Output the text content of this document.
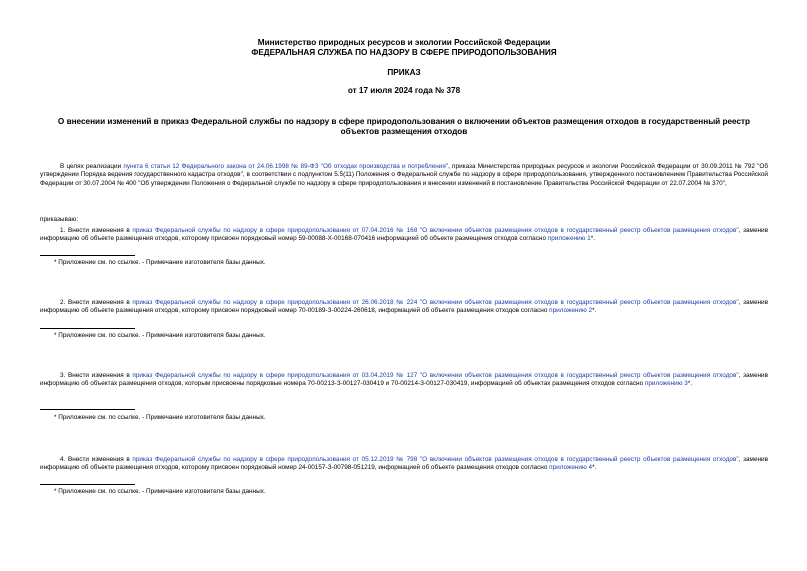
Министерство природных ресурсов и экологии Российской Федерации
ФЕДЕРАЛЬНАЯ СЛУЖБА ПО НАДЗОРУ В СФЕРЕ ПРИРОДОПОЛЬЗОВАНИЯ
ПРИКАЗ
от 17 июля 2024 года № 378
О внесении изменений в приказ Федеральной службы по надзору в сфере природопользования о включении объектов размещения отходов в государственный реестр объектов размещения отходов

В целях реализации пункта 6 статьи 12 Федерального закона от 24.06.1998 № 89-ФЗ "Об отходах производства и потребления", приказа Министерства природных ресурсов и экологии Российской Федерации от 30.09.2011 № 792 "Об утверждении Порядка ведения государственного кадастра отходов", в соответствии с подпунктом 5.5(11) Положения о Федеральной службе по надзору в сфере природопользования, утвержденного постановлением Правительства Российской Федерации от 30.07.2004 № 400 "Об утверждении Положения о Федеральной службе по надзору в сфере природопользования и внесении изменений в постановление Правительства Российской Федерации от 22.07.2004 № 370",

приказываю:

1. Внести изменения в приказ Федеральной службы по надзору в сфере природопользования от 07.04.2016 № 168 "О включении объектов размещения отходов в государственный реестр объектов размещения отходов", заменив информацию об объекте размещения отходов, которому присвоен порядковый номер 59-00088-Х-00168-070416 информацией об объекте размещения отходов согласно приложению 1*.

* Приложение см. по ссылке. - Примечание изготовителя базы данных.

2. Внести изменения в приказ Федеральной службы по надзору в сфере природопользования от 26.06.2018 № 224 "О включении объектов размещения отходов в государственный реестр объектов размещения отходов", заменив информацию об объекте размещения отходов, которому присвоен порядковый номер 70-00189-З-00224-260618, информацией об объекте размещения отходов согласно приложению 2*.

* Приложение см. по ссылке. - Примечание изготовителя базы данных.

3. Внести изменения в приказ Федеральной службы по надзору в сфере природопользования от 03.04.2019 № 127 "О включении объектов размещения отходов в государственный реестр объектов размещения отходов", заменив информацию об объектах размещения отходов, которым присвоены порядковые номера 70-00213-З-00127-030419 и 70-00214-З-00127-030419, информацией об объектах размещения отходов согласно приложению 3*.

* Приложение см. по ссылке. - Примечание изготовителя базы данных.

4. Внести изменения в приказ Федеральной службы по надзору в сфере природопользования от 05.12.2019 № 798 "О включении объектов размещения отходов в государственный реестр объектов размещения отходов", заменив информацию об объекте размещения отходов, которому присвоен порядковый номер 24-00157-З-00798-051219, информацией об объекте размещения отходов согласно приложению 4*.

* Приложение см. по ссылке. - Примечание изготовителя базы данных.
